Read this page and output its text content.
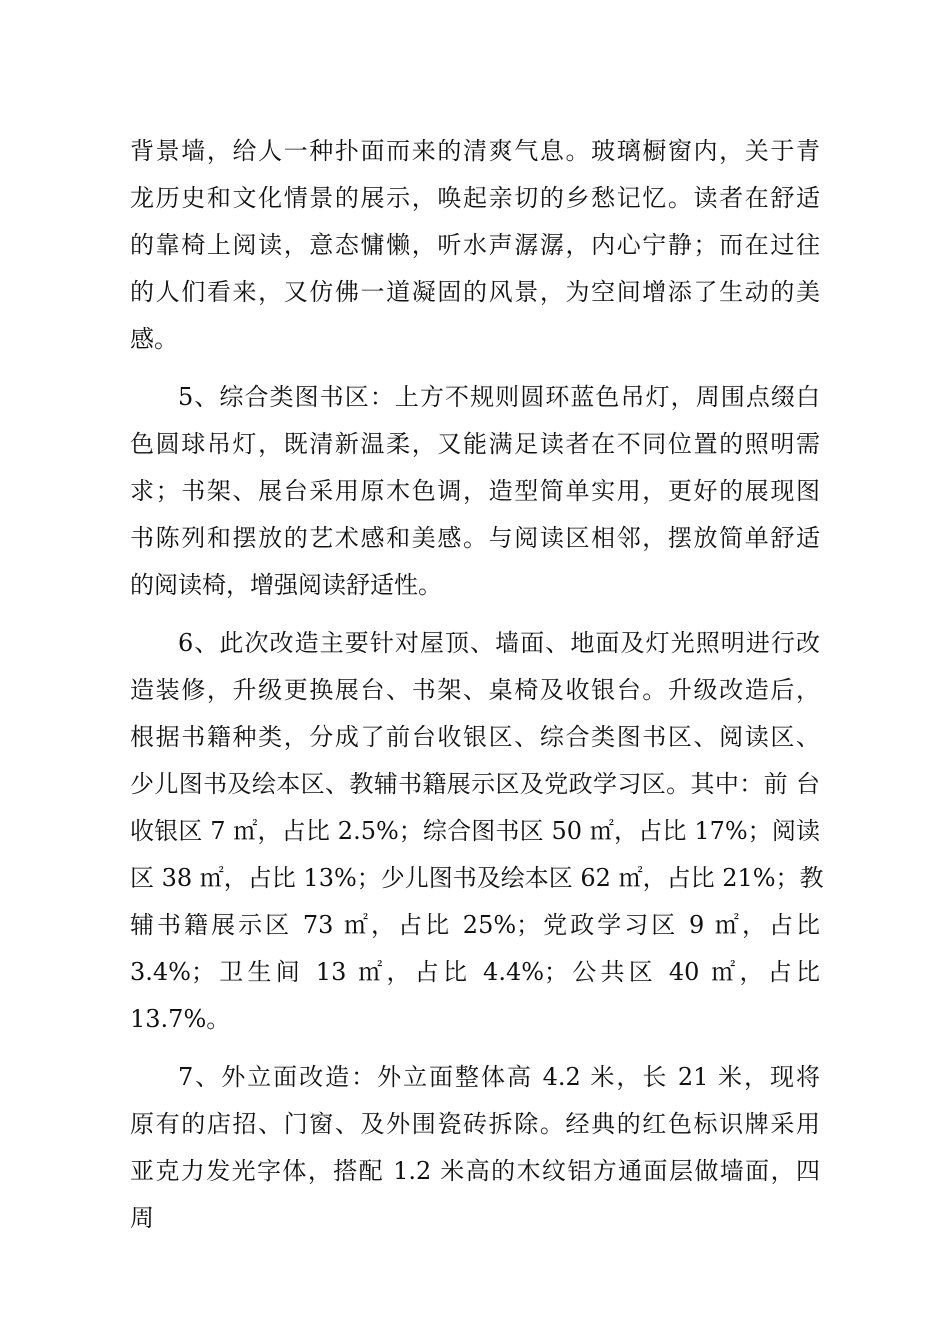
背景墙，给人一种扑面而来的清爽气息。玻璃橱窗内，关于青
龙历史和文化情景的展示，唤起亲切的乡愁记忆。读者在舒适
的靠椅上阅读，意态慵懒，听水声潺潺，内心宁静；而在过往
的人们看来，又仿佛一道凝固的风景，为空间增添了生动的美
感。
5、综合类图书区：上方不规则圆环蓝色吊灯，周围点缀白
色圆球吊灯，既清新温柔，又能满足读者在不同位置的照明需
求；书架、展台采用原木色调，造型简单实用，更好的展现图
书陈列和摆放的艺术感和美感。与阅读区相邻，摆放简单舒适
的阅读椅，增强阅读舒适性。
6、此次改造主要针对屋顶、墙面、地面及灯光照明进行改
造装修，升级更换展台、书架、桌椅及收银台。升级改造后，
根据书籍种类，分成了前台收银区、综合类图书区、阅读区、
少儿图书及绘本区、教辅书籍展示区及党政学习区。其中：前 台
收银区 7 ㎡，占比 2.5%；综合图书区 50 ㎡，占比 17%；阅读
区 38 ㎡，占比 13%；少儿图书及绘本区 62 ㎡，占比 21%；教
辅书籍展示区 73 ㎡，占比 25%；党政学习区 9 ㎡，占比
3.4%；卫生间 13 ㎡，占比 4.4%；公共区 40 ㎡，占比
13.7%。
7、外立面改造：外立面整体高 4.2 米，长 21 米，现将
原有的店招、门窗、及外围瓷砖拆除。经典的红色标识牌采用
亚克力发光字体，搭配 1.2 米高的木纹铝方通面层做墙面，四
周
